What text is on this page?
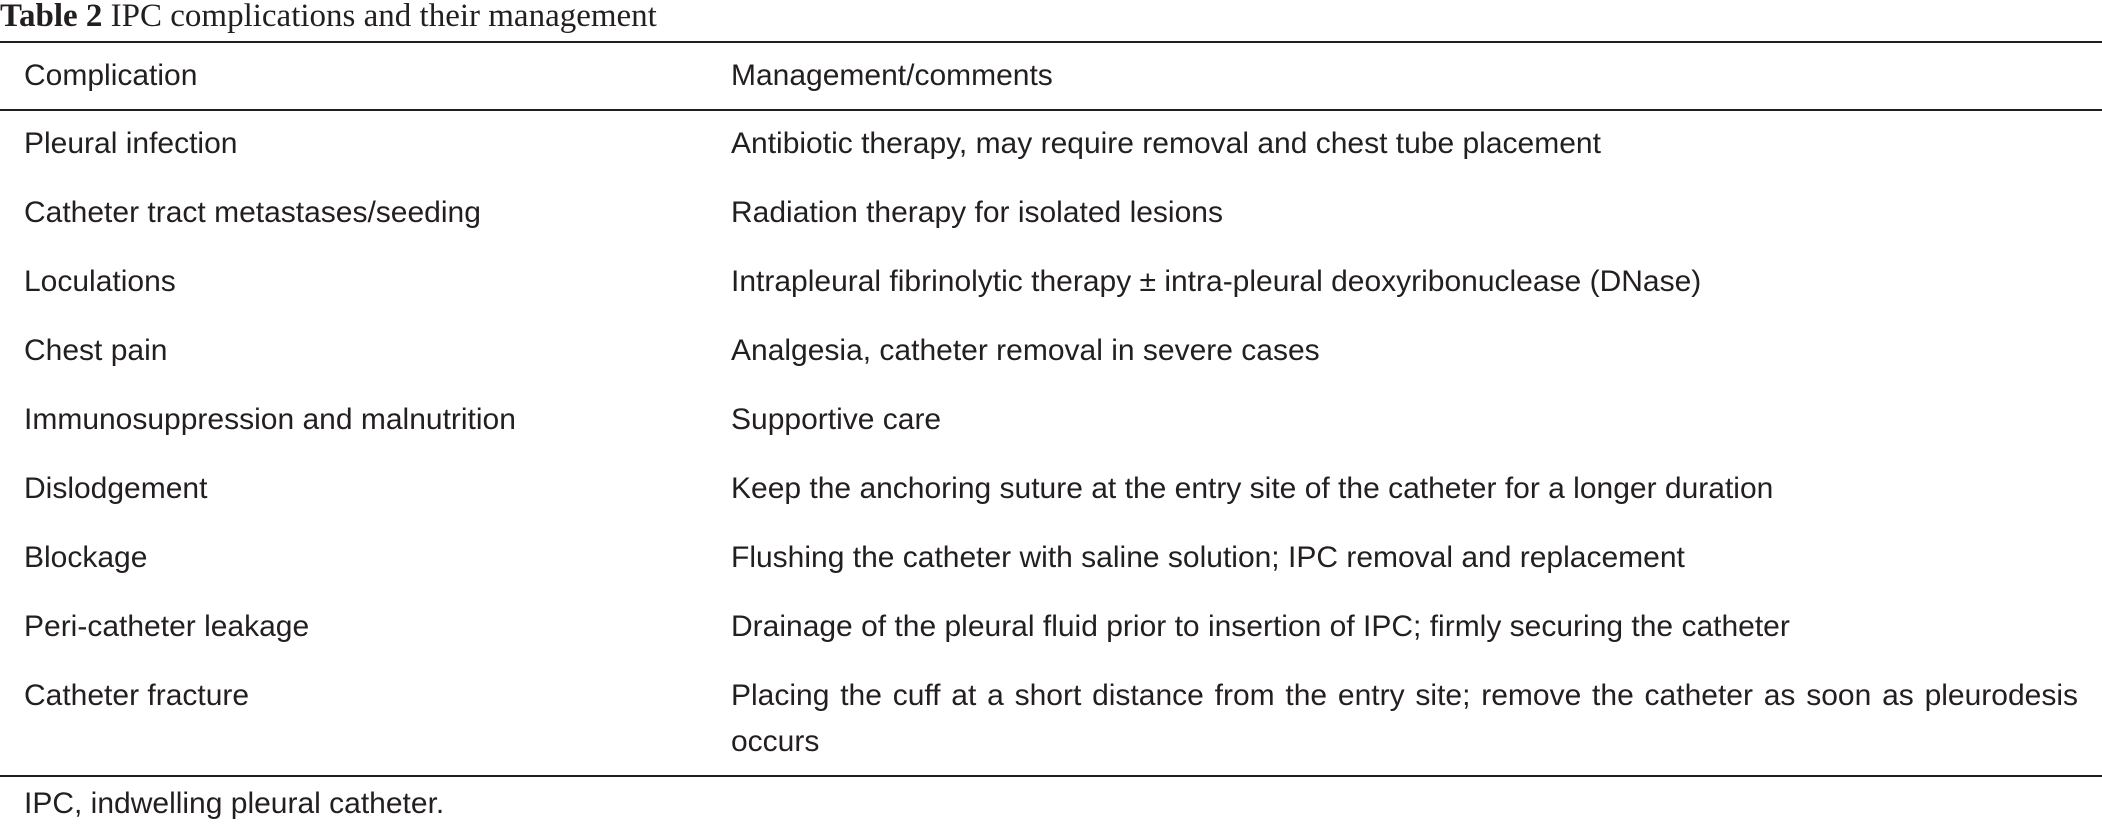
Table 2 IPC complications and their management
Complication	Management/comments
Pleural infection	Antibiotic therapy, may require removal and chest tube placement
Catheter tract metastases/seeding	Radiation therapy for isolated lesions
Loculations	Intrapleural fibrinolytic therapy ± intra-pleural deoxyribonuclease (DNase)
Chest pain	Analgesia, catheter removal in severe cases
Immunosuppression and malnutrition	Supportive care
Dislodgement	Keep the anchoring suture at the entry site of the catheter for a longer duration
Blockage	Flushing the catheter with saline solution; IPC removal and replacement
Peri-catheter leakage	Drainage of the pleural fluid prior to insertion of IPC; firmly securing the catheter
Catheter fracture	Placing the cuff at a short distance from the entry site; remove the catheter as soon as pleurodesis occurs
IPC, indwelling pleural catheter.
